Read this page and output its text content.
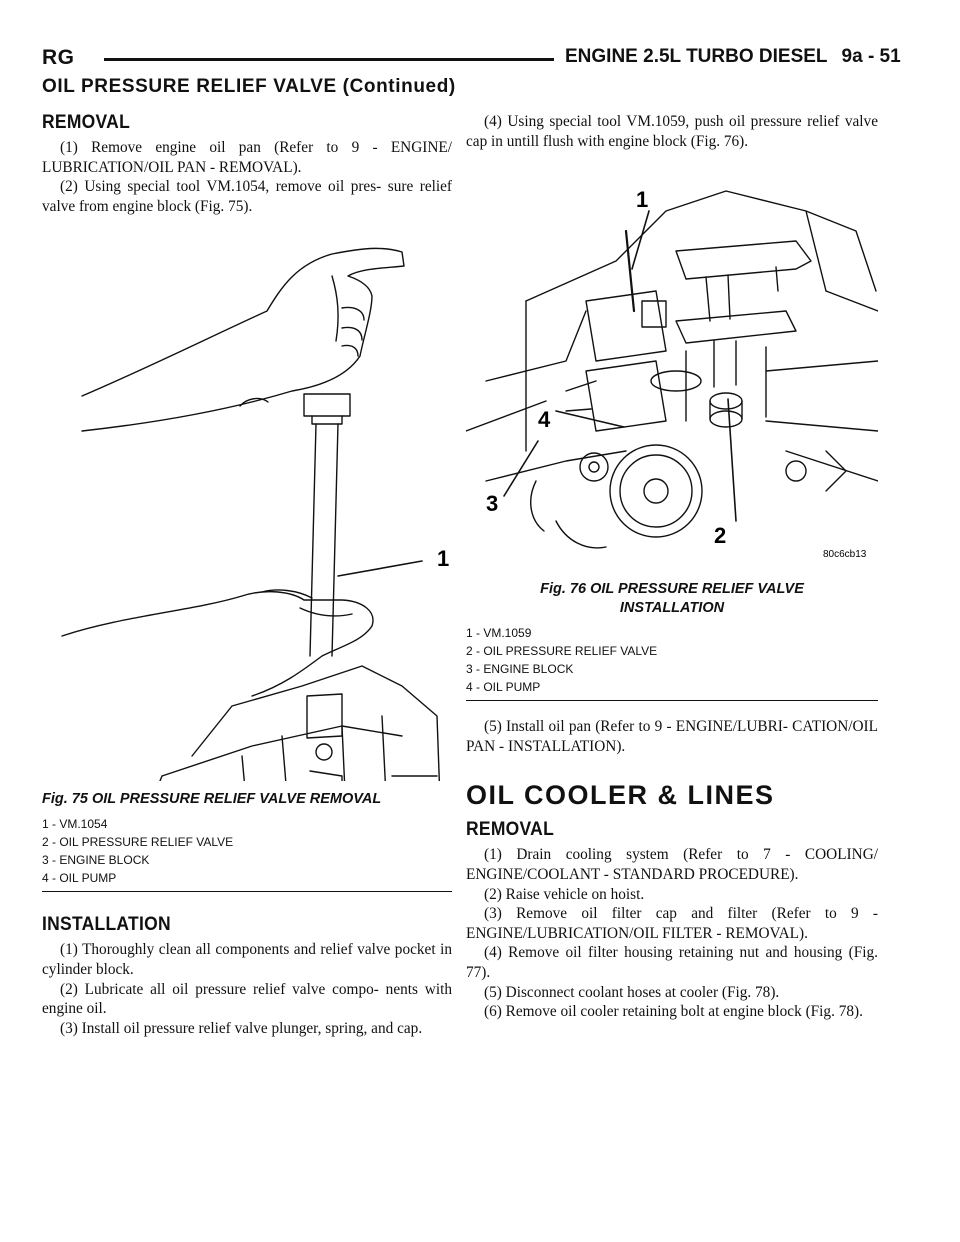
RG	ENGINE 2.5L TURBO DIESEL 9a - 51
OIL PRESSURE RELIEF VALVE (Continued)
REMOVAL

(1) Remove engine oil pan (Refer to 9 - ENGINE/ LUBRICATION/OIL PAN - REMOVAL).

(2) Using special tool VM.1054, remove oil pres- sure relief valve from engine block (Fig. 75).

1
Fig. 75 OIL PRESSURE RELIEF VALVE REMOVAL
1 - VM.1054
2 - OIL PRESSURE RELIEF VALVE
3 - ENGINE BLOCK
4 - OIL PUMP
INSTALLATION

(1) Thoroughly clean all components and relief valve pocket in cylinder block.

(2) Lubricate all oil pressure relief valve compo- nents with engine oil.

(3) Install oil pressure relief valve plunger, spring, and cap.

(4) Using special tool VM.1059, push oil pressure relief valve cap in untill flush with engine block (Fig. 76).

1
2
3
4
80c6cb13
Fig. 76 OIL PRESSURE RELIEF VALVE
INSTALLATION
1 - VM.1059
2 - OIL PRESSURE RELIEF VALVE
3 - ENGINE BLOCK
4 - OIL PUMP

(5) Install oil pan (Refer to 9 - ENGINE/LUBRI- CATION/OIL PAN - INSTALLATION).

OIL COOLER & LINES
REMOVAL

(1) Drain cooling system (Refer to 7 - COOLING/ ENGINE/COOLANT - STANDARD PROCEDURE).

(2) Raise vehicle on hoist.

(3) Remove oil filter cap and filter (Refer to 9 - ENGINE/LUBRICATION/OIL FILTER - REMOVAL).

(4) Remove oil filter housing retaining nut and housing (Fig. 77).

(5) Disconnect coolant hoses at cooler (Fig. 78).

(6) Remove oil cooler retaining bolt at engine block (Fig. 78).
